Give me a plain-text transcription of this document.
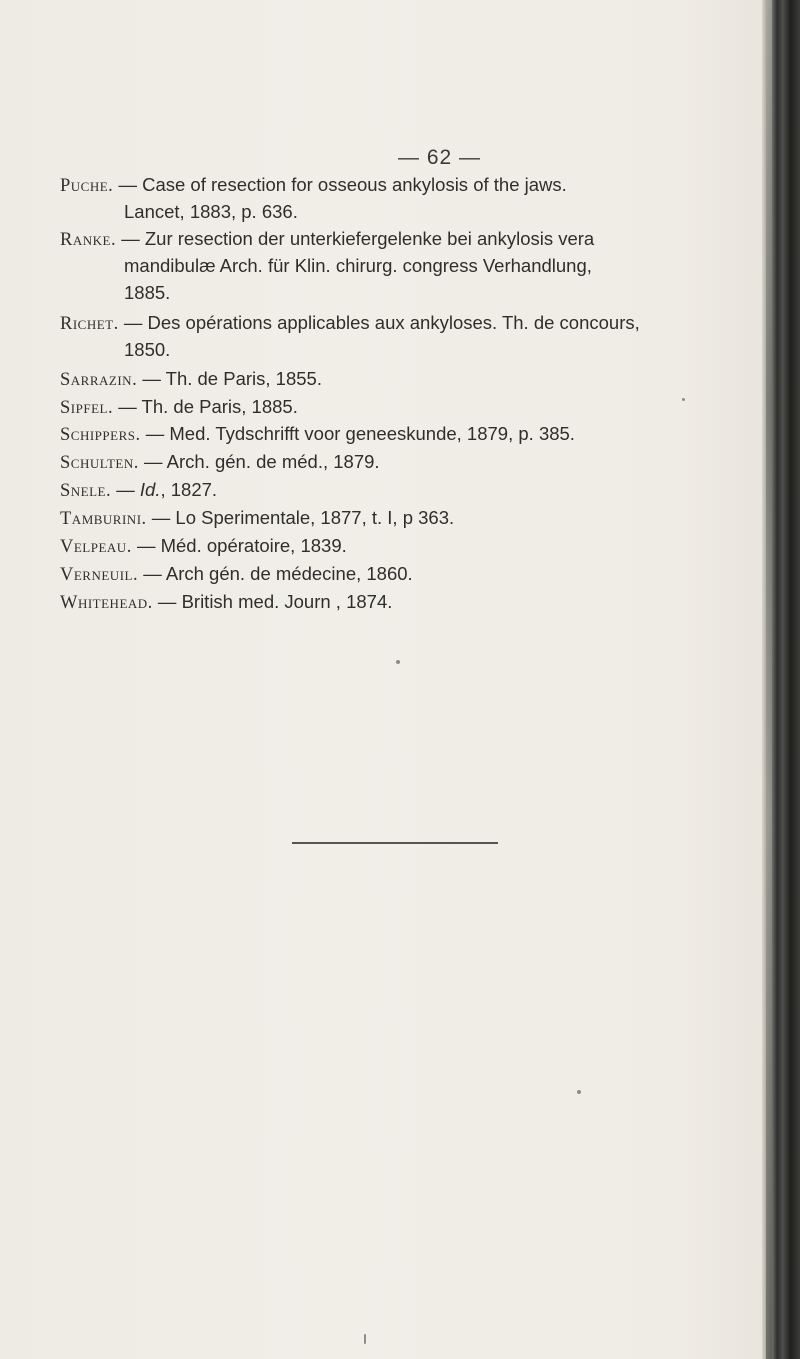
— 62 —
Puche. — Case of resection for osseous ankylosis of the jaws.
Lancet, 1883, p. 636.
Ranke. — Zur resection der unterkiefergelenke bei ankylosis vera
mandibulæ Arch. für Klin. chirurg. congress Verhandlung,
1885.
Richet. — Des opérations applicables aux ankyloses. Th. de concours,
1850.
Sarrazin. — Th. de Paris, 1855.
Sipfel. — Th. de Paris, 1885.
Schippers. — Med. Tydschrifft voor geneeskunde, 1879, p. 385.
Schulten. — Arch. gén. de méd., 1879.
Snele. — Id., 1827.
Tamburini. — Lo Sperimentale, 1877, t. I, p 363.
Velpeau. — Méd. opératoire, 1839.
Verneuil. — Arch gén. de médecine, 1860.
Whitehead. — British med. Journ , 1874.
